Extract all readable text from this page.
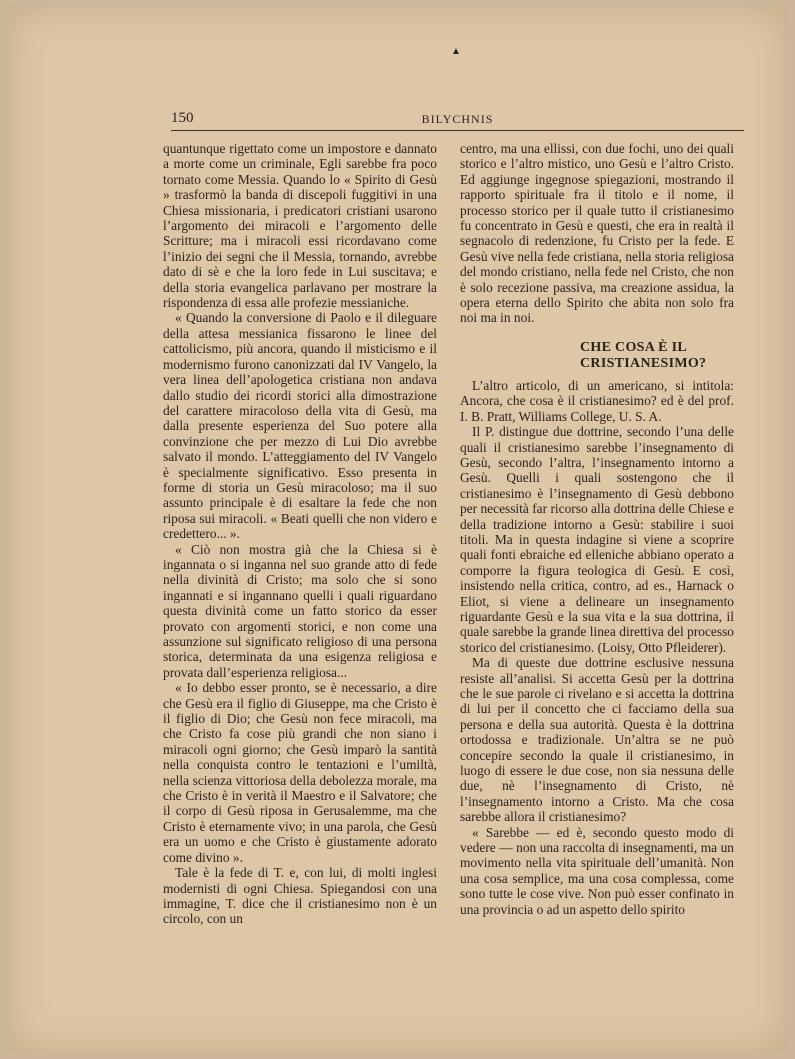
▲
150	BILYCHNIS

quantunque rigettato come un impostore e dannato a morte come un criminale, Egli sarebbe fra poco tornato come Messia. Quando lo « Spirito di Gesù » trasformò la banda di discepoli fuggitivi in una Chiesa missionaria, i predicatori cristiani usarono l’argomento dei miracoli e l’argomento delle Scritture; ma i miracoli essi ricordavano come l’inizio dei segni che il Messia, tornando, avrebbe dato di sè e che la loro fede in Lui suscitava; e della storia evangelica parlavano per mostrare la rispondenza di essa alle profezie messianiche.

« Quando la conversione di Paolo e il dileguare della attesa messianica fissarono le linee del cattolicismo, più ancora, quando il misticismo e il modernismo furono canonizzati dal IV Vangelo, la vera linea dell’apologetica cristiana non andava dallo studio dei ricordi storici alla dimostrazione del carattere miracoloso della vita di Gesù, ma dalla presente esperienza del Suo potere alla convinzione che per mezzo di Lui Dio avrebbe salvato il mondo. L’atteggiamento del IV Vangelo è specialmente significativo. Esso presenta in forme di storia un Gesù miracoloso; ma il suo assunto principale è di esaltare la fede che non riposa sui miracoli. « Beati quelli che non videro e credettero... ».

« Ciò non mostra già che la Chiesa si è ingannata o si inganna nel suo grande atto di fede nella divinità di Cristo; ma solo che si sono ingannati e si ingannano quelli i quali riguardano questa divinità come un fatto storico da esser provato con argomenti storici, e non come una assunzione sul significato religioso di una persona storica, determinata da una esigenza religiosa e provata dall’esperienza religiosa...

« Io debbo esser pronto, se è necessario, a dire che Gesù era il figlio di Giuseppe, ma che Cristo è il figlio di Dio; che Gesù non fece miracoli, ma che Cristo fa cose più grandi che non siano i miracoli ogni giorno; che Gesù imparò la santità nella conquista contro le tentazioni e l’umiltà, nella scienza vittoriosa della debolezza morale, ma che Cristo è in verità il Maestro e il Salvatore; che il corpo di Gesù riposa in Gerusalemme, ma che Cristo è eternamente vivo; in una parola, che Gesù era un uomo e che Cristo è giustamente adorato come divino ».

Tale è la fede di T. e, con lui, di molti inglesi modernisti di ogni Chiesa. Spiegandosi con una immagine, T. dice che il cristianesimo non è un circolo, con un

centro, ma una ellissi, con due fochi, uno dei quali storico e l’altro mistico, uno Gesù e l’altro Cristo. Ed aggiunge ingegnose spiegazioni, mostrando il rapporto spirituale fra il titolo e il nome, il processo storico per il quale tutto il cristianesimo fu concentrato in Gesù e questi, che era in realtà il segnacolo di redenzione, fu Cristo per la fede. E Gesù vive nella fede cristiana, nella storia religiosa del mondo cristiano, nella fede nel Cristo, che non è solo recezione passiva, ma creazione assidua, la opera eterna dello Spirito che abita non solo fra noi ma in noi.

CHE COSA È IL CRISTIANESIMO?

L’altro articolo, di un americano, si intitola: Ancora, che cosa è il cristianesimo? ed è del prof. I. B. Pratt, Williams College, U. S. A.

Il P. distingue due dottrine, secondo l’una delle quali il cristianesimo sarebbe l’insegnamento di Gesù, secondo l’altra, l’insegnamento intorno a Gesù. Quelli i quali sostengono che il cristianesimo è l’insegnamento di Gesù debbono per necessità far ricorso alla dottrina delle Chiese e della tradizione intorno a Gesù: stabilire i suoi titoli. Ma in questa indagine si viene a scoprire quali fonti ebraiche ed elleniche abbiano operato a comporre la figura teologica di Gesù. E così, insistendo nella critica, contro, ad es., Harnack o Eliot, si viene a delineare un insegnamento riguardante Gesù e la sua vita e la sua dottrina, il quale sarebbe la grande linea direttiva del processo storico del cristianesimo. (Loisy, Otto Pfleiderer).

Ma di queste due dottrine esclusive nessuna resiste all’analisi. Si accetta Gesù per la dottrina che le sue parole ci rivelano e si accetta la dottrina di lui per il concetto che ci facciamo della sua persona e della sua autorità. Questa è la dottrina ortodossa e tradizionale. Un’altra se ne può concepire secondo la quale il cristianesimo, in luogo di essere le due cose, non sia nessuna delle due, nè l’insegnamento di Cristo, nè l’insegnamento intorno a Cristo. Ma che cosa sarebbe allora il cristianesimo?

« Sarebbe — ed è, secondo questo modo di vedere — non una raccolta di insegnamenti, ma un movimento nella vita spirituale dell’umanità. Non una cosa semplice, ma una cosa complessa, come sono tutte le cose vive. Non può esser confinato in una provincia o ad un aspetto dello spirito
